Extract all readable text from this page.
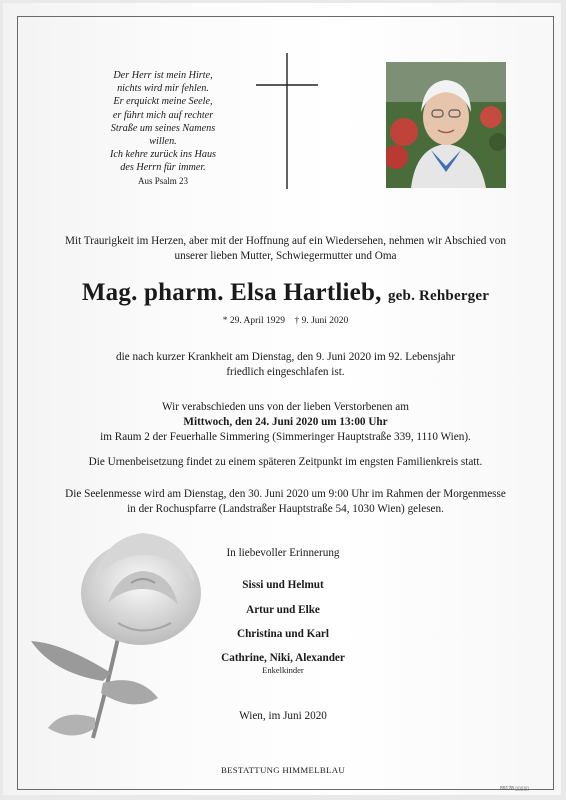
Der Herr ist mein Hirte,
nichts wird mir fehlen.
Er erquickt meine Seele,
er führt mich auf rechter
Straße um seines Namens
willen.
Ich kehre zurück ins Haus
des Herrn für immer.
Aus Psalm 23
Mit Traurigkeit im Herzen, aber mit der Hoffnung auf ein Wiedersehen, nehmen wir Abschied von
unserer lieben Mutter, Schwiegermutter und Oma
Mag. pharm. Elsa Hartlieb, geb. Rehberger
* 29. April 1929 † 9. Juni 2020
die nach kurzer Krankheit am Dienstag, den 9. Juni 2020 im 92. Lebensjahr
friedlich eingeschlafen ist.
Wir verabschieden uns von der lieben Verstorbenen am
Mittwoch, den 24. Juni 2020 um 13:00 Uhr
im Raum 2 der Feuerhalle Simmering (Simmeringer Hauptstraße 339, 1110 Wien).
Die Urnenbeisetzung findet zu einem späteren Zeitpunkt im engsten Familienkreis statt.
Die Seelenmesse wird am Dienstag, den 30. Juni 2020 um 9:00 Uhr im Rahmen der Morgenmesse
in der Rochuspfarre (Landstraßer Hauptstraße 54, 1030 Wien) gelesen.
In liebevoller Erinnerung
Sissi und Helmut
Artur und Elke
Christina und Karl
Cathrine, Niki, Alexander
Enkelkinder
Wien, im Juni 2020
BESTATTUNG HIMMELBLAU
89128 ▯▯▯▯▯
